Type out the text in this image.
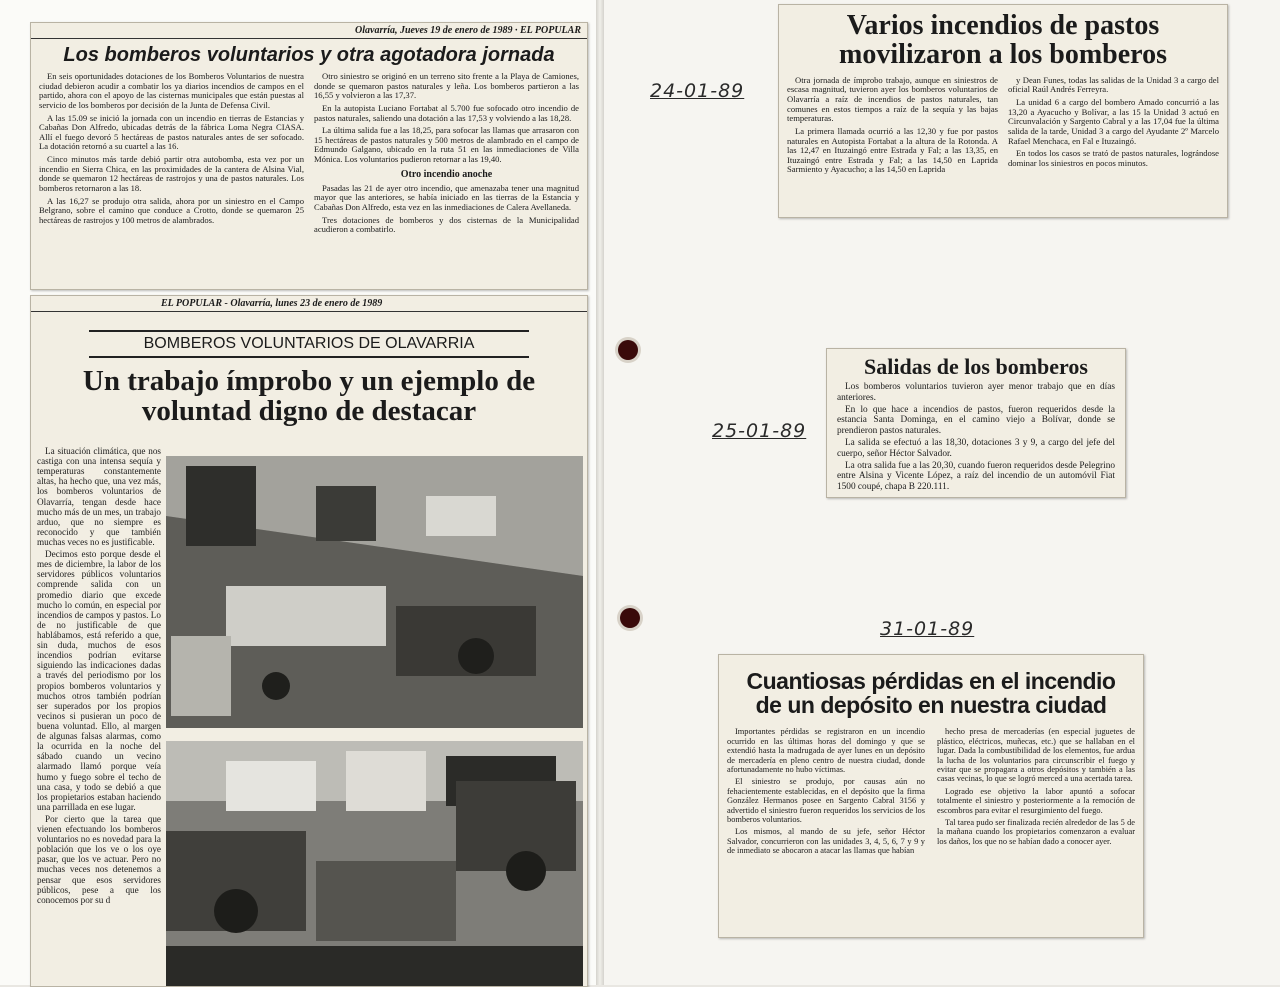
Olavarría, Jueves 19 de enero de 1989 · EL POPULAR
Los bomberos voluntarios y otra agotadora jornada

En seis oportunidades dotaciones de los Bomberos Voluntarios de nuestra ciudad debieron acudir a combatir los ya diarios incendios de campos en el partido, ahora con el apoyo de las cisternas municipales que están puestas al servicio de los bomberos por decisión de la Junta de Defensa Civil.

A las 15.09 se inició la jornada con un incendio en tierras de Estancias y Cabañas Don Alfredo, ubicadas detrás de la fábrica Loma Negra CIASA. Allí el fuego devoró 5 hectáreas de pastos naturales antes de ser sofocado. La dotación retornó a su cuartel a las 16.

Cinco minutos más tarde debió partir otra autobomba, esta vez por un incendio en Sierra Chica, en las proximidades de la cantera de Alsina Vial, donde se quemaron 12 hectáreas de rastrojos y una de pastos naturales. Los bomberos retornaron a las 18.

A las 16,27 se produjo otra salida, ahora por un siniestro en el Campo Belgrano, sobre el camino que conduce a Crotto, donde se quemaron 25 hectáreas de rastrojos y 100 metros de alambrados.

Otro siniestro se originó en un terreno sito frente a la Playa de Camiones, donde se quemaron pastos naturales y leña. Los bomberos partieron a las 16,55 y volvieron a las 17,37.

En la autopista Luciano Fortabat al 5.700 fue sofocado otro incendio de pastos naturales, saliendo una dotación a las 17,53 y volviendo a las 18,28.

La última salida fue a las 18,25, para sofocar las llamas que arrasaron con 15 hectáreas de pastos naturales y 500 metros de alambrado en el campo de Edmundo Galgano, ubicado en la ruta 51 en las inmediaciones de Villa Mónica. Los voluntarios pudieron retornar a las 19,40.

Otro incendio anoche

Pasadas las 21 de ayer otro incendio, que amenazaba tener una magnitud mayor que las anteriores, se había iniciado en las tierras de la Estancia y Cabañas Don Alfredo, esta vez en las inmediaciones de Calera Avellaneda.

Tres dotaciones de bomberos y dos cisternas de la Municipalidad acudieron a combatirlo.

EL POPULAR - Olavarría, lunes 23 de enero de 1989
BOMBEROS VOLUNTARIOS DE OLAVARRIA
Un trabajo ímprobo y un ejemplo de voluntad digno de destacar

La situación climática, que nos castiga con una intensa sequía y temperaturas constantemente altas, ha hecho que, una vez más, los bomberos voluntarios de Olavarría, tengan desde hace mucho más de un mes, un trabajo arduo, que no siempre es reconocido y que también muchas veces no es justificable.

Decimos esto porque desde el mes de diciembre, la labor de los servidores públicos voluntarios comprende salida con un promedio diario que excede mucho lo común, en especial por incendios de campos y pastos. Lo de no justificable de que hablábamos, está referido a que, sin duda, muchos de esos incendios podrían evitarse siguiendo las indicaciones dadas a través del periodismo por los propios bomberos voluntarios y muchos otros también podrían ser superados por los propios vecinos si pusieran un poco de buena voluntad. Ello, al margen de algunas falsas alarmas, como la ocurrida en la noche del sábado cuando un vecino alarmado llamó porque veía humo y fuego sobre el techo de una casa, y todo se debió a que los propietarios estaban haciendo una parrillada en ese lugar.

Por cierto que la tarea que vienen efectuando los bomberos voluntarios no es novedad para la población que los ve o los oye pasar, que los ve actuar. Pero no muchas veces nos detenemos a pensar que esos servidores públicos, pese a que los conocemos por su d

Varios incendios de pastos movilizaron a los bomberos

Otra jornada de ímprobo trabajo, aunque en siniestros de escasa magnitud, tuvieron ayer los bomberos voluntarios de Olavarría a raíz de incendios de pastos naturales, tan comunes en estos tiempos a raíz de la sequía y las bajas temperaturas.

La primera llamada ocurrió a las 12,30 y fue por pastos naturales en Autopista Fortabat a la altura de la Rotonda. A las 12,47 en Ituzaingó entre Estrada y Fal; a las 13,35, en Ituzaingó entre Estrada y Fal; a las 14,50 en Laprida Sarmiento y Ayacucho; a las 14,50 en Laprida

y Dean Funes, todas las salidas de la Unidad 3 a cargo del oficial Raúl Andrés Ferreyra.

La unidad 6 a cargo del bombero Amado concurrió a las 13,20 a Ayacucho y Bolívar, a las 15 la Unidad 3 actuó en Circunvalación y Sargento Cabral y a las 17,04 fue la última salida de la tarde, Unidad 3 a cargo del Ayudante 2º Marcelo Rafael Menchaca, en Fal e Ituzaingó.

En todos los casos se trató de pastos naturales, lográndose dominar los siniestros en pocos minutos.

Salidas de los bomberos

Los bomberos voluntarios tuvieron ayer menor trabajo que en días anteriores.

En lo que hace a incendios de pastos, fueron requeridos desde la estancia Santa Dominga, en el camino viejo a Bolívar, donde se prendieron pastos naturales.

La salida se efectuó a las 18,30, dotaciones 3 y 9, a cargo del jefe del cuerpo, señor Héctor Salvador.

La otra salida fue a las 20,30, cuando fueron requeridos desde Pelegrino entre Alsina y Vicente López, a raíz del incendio de un automóvil Fiat 1500 coupé, chapa B 220.111.

Cuantiosas pérdidas en el incendio de un depósito en nuestra ciudad

Importantes pérdidas se registraron en un incendio ocurrido en las últimas horas del domingo y que se extendió hasta la madrugada de ayer lunes en un depósito de mercadería en pleno centro de nuestra ciudad, donde afortunadamente no hubo víctimas.

El siniestro se produjo, por causas aún no fehacientemente establecidas, en el depósito que la firma González Hermanos posee en Sargento Cabral 3156 y advertido el siniestro fueron requeridos los servicios de los bomberos voluntarios.

Los mismos, al mando de su jefe, señor Héctor Salvador, concurrieron con las unidades 3, 4, 5, 6, 7 y 9 y de inmediato se abocaron a atacar las llamas que habían

hecho presa de mercaderías (en especial juguetes de plástico, eléctricos, muñecas, etc.) que se hallaban en el lugar. Dada la combustibilidad de los elementos, fue ardua la lucha de los voluntarios para circunscribir el fuego y evitar que se propagara a otros depósitos y también a las casas vecinas, lo que se logró merced a una acertada tarea.

Logrado ese objetivo la labor apuntó a sofocar totalmente el siniestro y posteriormente a la remoción de escombros para evitar el resurgimiento del fuego.

Tal tarea pudo ser finalizada recién alrededor de las 5 de la mañana cuando los propietarios comenzaron a evaluar los daños, los que no se habían dado a conocer ayer.

24-01-89
25-01-89
31-01-89
